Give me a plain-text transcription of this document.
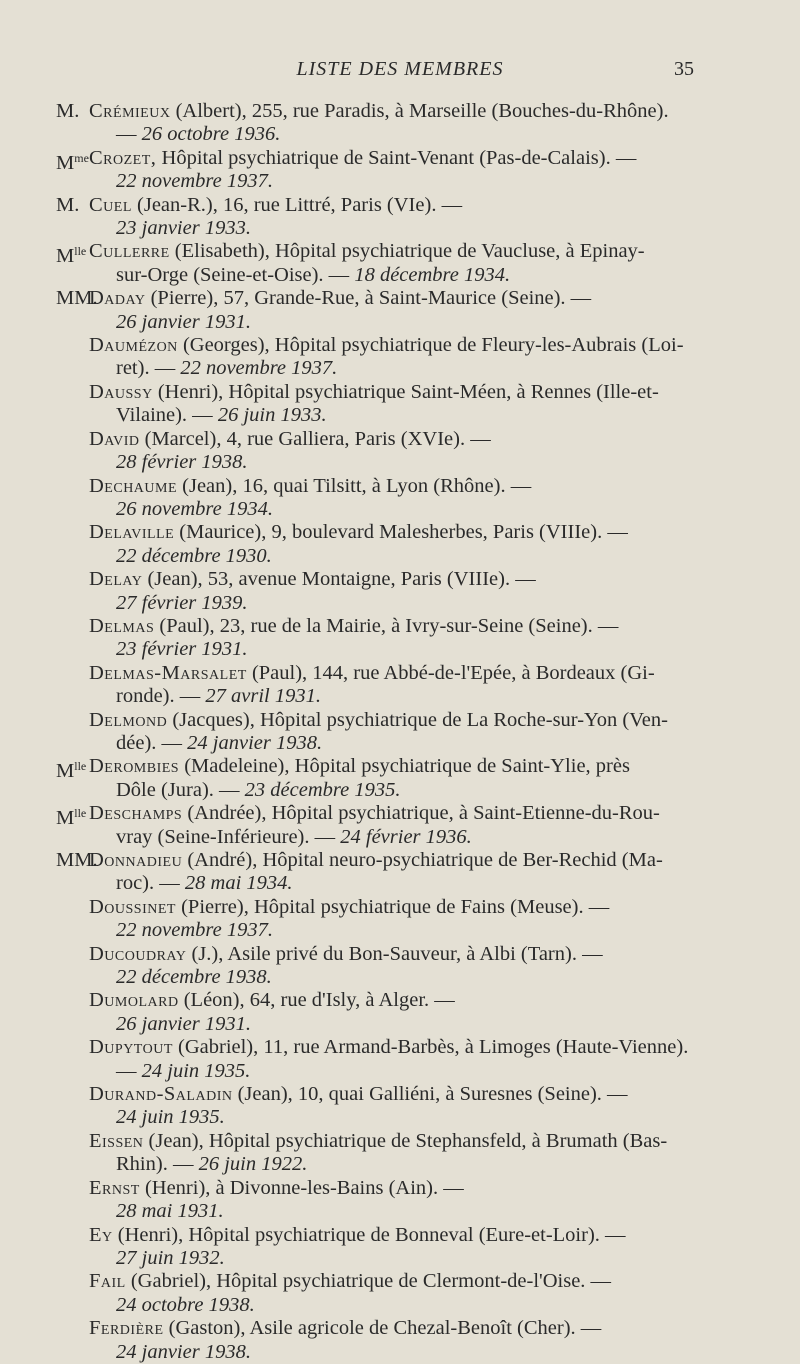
LISTE DES MEMBRES	35

M. Crémieux (Albert), 255, rue Paradis, à Marseille (Bouches-du-Rhône).
— 26 octobre 1936.

$M^{me}$ Crozet, Hôpital psychiatrique de Saint-Venant (Pas-de-Calais). —
22 novembre 1937.

M. Cuel (Jean-R.), 16, rue Littré, Paris (VIe). —
23 janvier 1933.

$M^{lle}$ Cullerre (Elisabeth), Hôpital psychiatrique de Vaucluse, à Epinay-
sur-Orge (Seine-et-Oise). — 18 décembre 1934.

MM.
Daday (Pierre), 57, Grande-Rue, à Saint-Maurice (Seine). —
26 janvier 1931.

Daumézon (Georges), Hôpital psychiatrique de Fleury-les-Aubrais (Loi-
ret). — 22 novembre 1937.

Daussy (Henri), Hôpital psychiatrique Saint-Méen, à Rennes (Ille-et-
Vilaine). — 26 juin 1933.

David (Marcel), 4, rue Galliera, Paris (XVIe). —
28 février 1938.

Dechaume (Jean), 16, quai Tilsitt, à Lyon (Rhône). —
26 novembre 1934.

Delaville (Maurice), 9, boulevard Malesherbes, Paris (VIIIe). —
22 décembre 1930.

Delay (Jean), 53, avenue Montaigne, Paris (VIIIe). —
27 février 1939.

Delmas (Paul), 23, rue de la Mairie, à Ivry-sur-Seine (Seine). —
23 février 1931.

Delmas-Marsalet (Paul), 144, rue Abbé-de-l'Epée, à Bordeaux (Gi-
ronde). — 27 avril 1931.

Delmond (Jacques), Hôpital psychiatrique de La Roche-sur-Yon (Ven-
dée). — 24 janvier 1938.

$M^{lle}$ Derombies (Madeleine), Hôpital psychiatrique de Saint-Ylie, près
Dôle (Jura). — 23 décembre 1935.

$M^{lle}$ Deschamps (Andrée), Hôpital psychiatrique, à Saint-Etienne-du-Rou-
vray (Seine-Inférieure). — 24 février 1936.

MM.
Donnadieu (André), Hôpital neuro-psychiatrique de Ber-Rechid (Ma-
roc). — 28 mai 1934.

Doussinet (Pierre), Hôpital psychiatrique de Fains (Meuse). —
22 novembre 1937.

Ducoudray (J.), Asile privé du Bon-Sauveur, à Albi (Tarn). —
22 décembre 1938.

Dumolard (Léon), 64, rue d'Isly, à Alger. —
26 janvier 1931.

Dupytout (Gabriel), 11, rue Armand-Barbès, à Limoges (Haute-Vienne).
— 24 juin 1935.

Durand-Saladin (Jean), 10, quai Galliéni, à Suresnes (Seine). —
24 juin 1935.

Eissen (Jean), Hôpital psychiatrique de Stephansfeld, à Brumath (Bas-
Rhin). — 26 juin 1922.

Ernst (Henri), à Divonne-les-Bains (Ain). —
28 mai 1931.

Ey (Henri), Hôpital psychiatrique de Bonneval (Eure-et-Loir). —
27 juin 1932.

Fail (Gabriel), Hôpital psychiatrique de Clermont-de-l'Oise. —
24 octobre 1938.

Ferdière (Gaston), Asile agricole de Chezal-Benoît (Cher). —
24 janvier 1938.
